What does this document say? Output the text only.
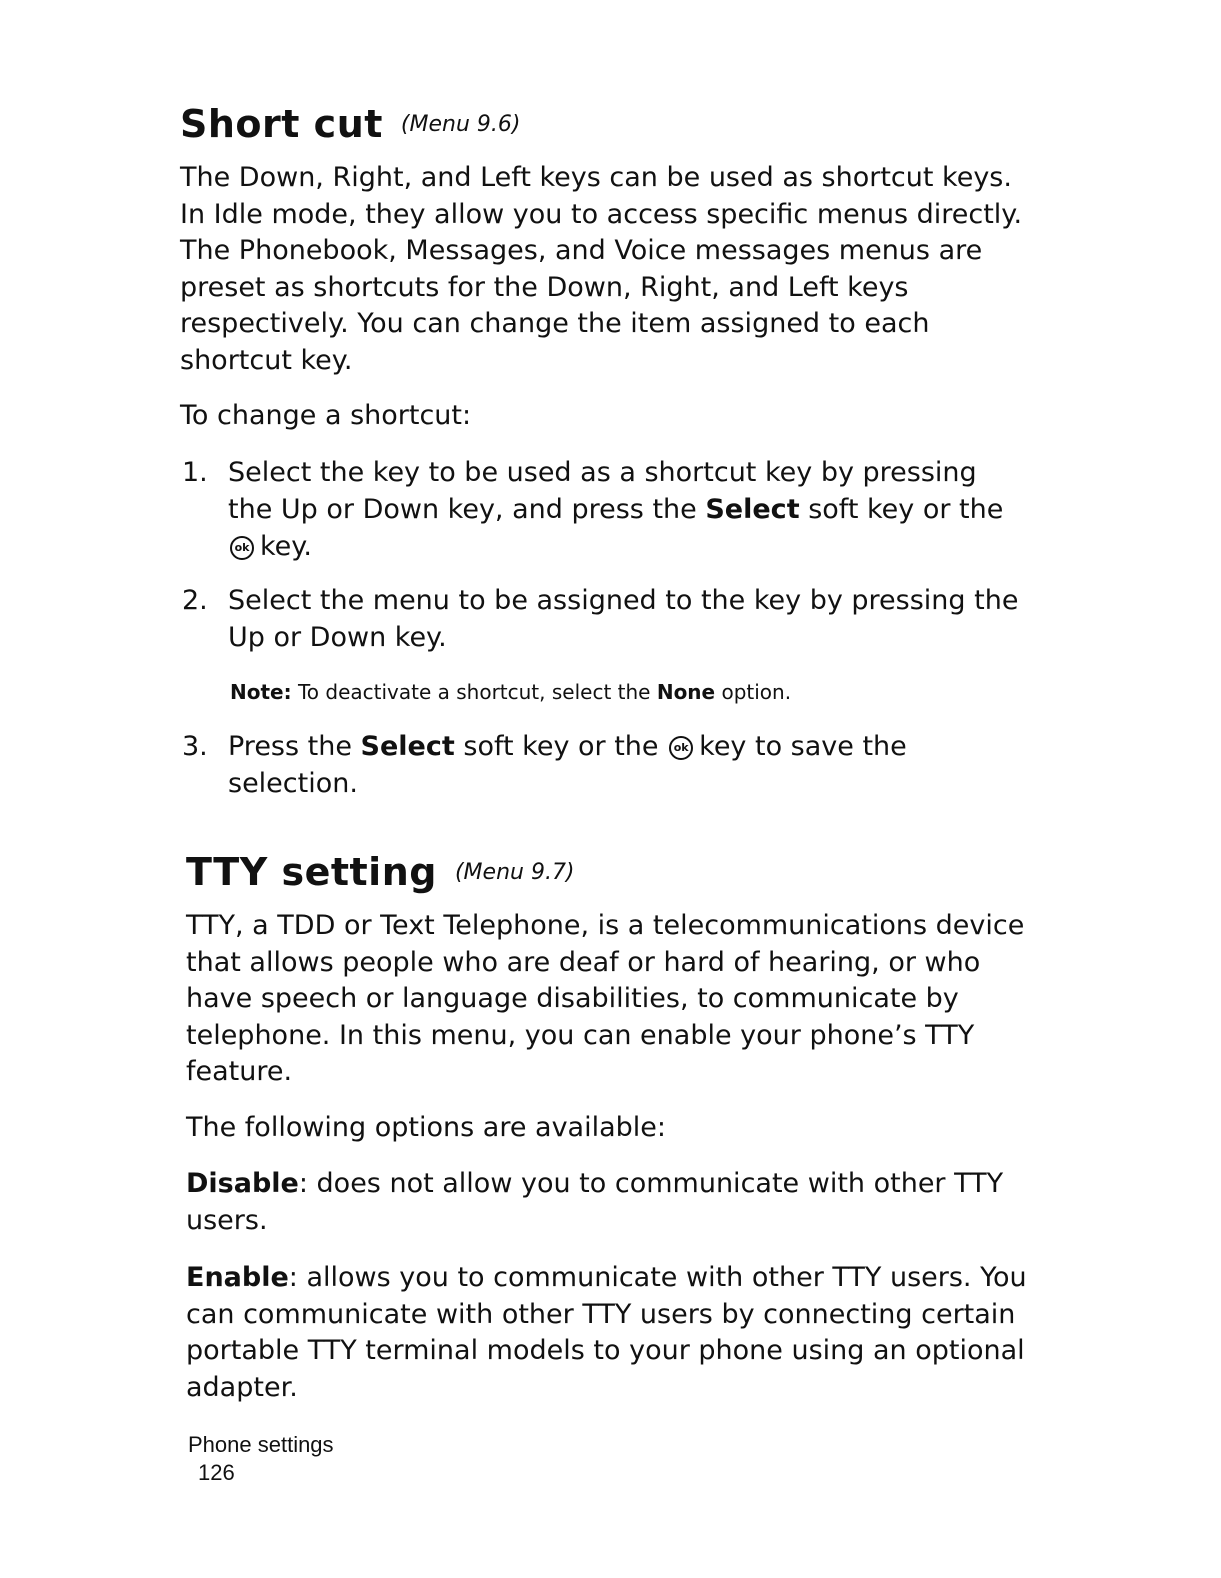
Short cut (Menu 9.6)

The Down, Right, and Left keys can be used as shortcut keys. In Idle mode, they allow you to access specific menus directly. The Phonebook, Messages, and Voice messages menus are preset as shortcuts for the Down, Right, and Left keys respectively. You can change the item assigned to each shortcut key.

To change a shortcut:

1. Select the key to be used as a shortcut key by pressing the Up or Down key, and press the Select soft key or the
ok key.
2. Select the menu to be assigned to the key by pressing the Up or Down key.

Note: To deactivate a shortcut, select the None option.

3. Press the Select soft key or the ok key to save the selection.
TTY setting (Menu 9.7)

TTY, a TDD or Text Telephone, is a telecommunications device that allows people who are deaf or hard of hearing, or who have speech or language disabilities, to communicate by telephone. In this menu, you can enable your phone’s TTY feature.

The following options are available:

Disable: does not allow you to communicate with other TTY users.

Enable: allows you to communicate with other TTY users. You can communicate with other TTY users by connecting certain portable TTY terminal models to your phone using an optional adapter.

Phone settings
126
